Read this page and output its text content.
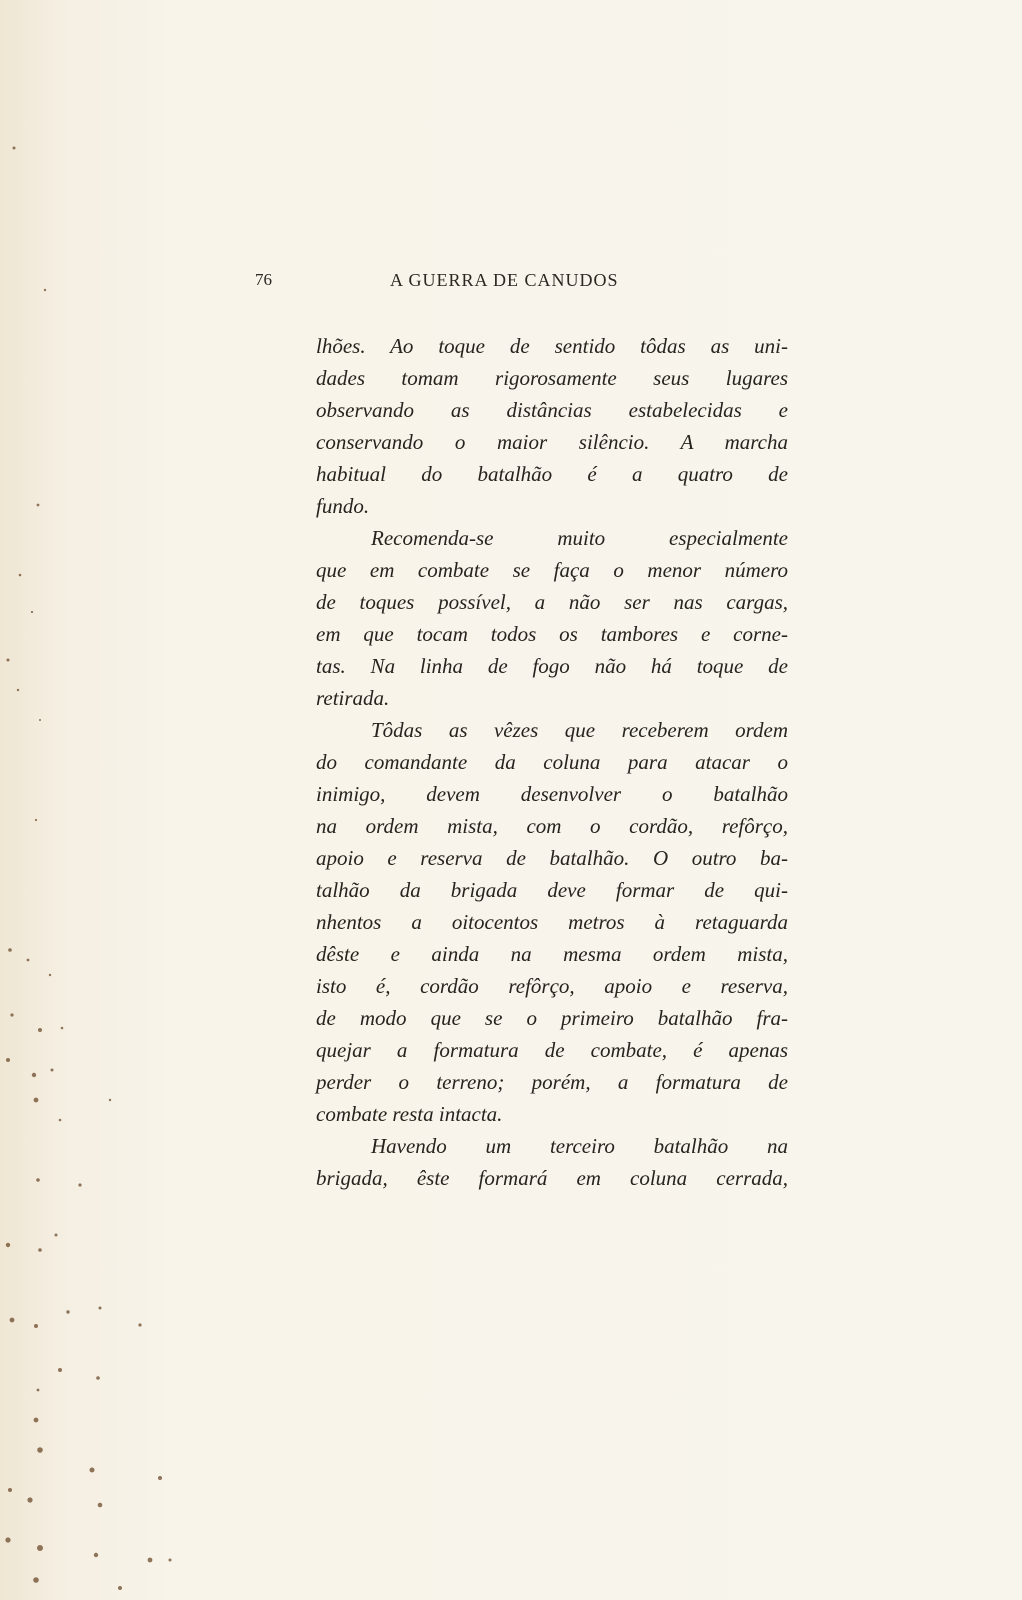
76	A GUERRA DE CANUDOS
lhões. Ao toque de sentido tôdas as uni-
dades tomam rigorosamente seus lugares
observando as distâncias estabelecidas e
conservando o maior silêncio. A marcha
habitual do batalhão é a quatro de
fundo.
Recomenda-se muito especialmente
que em combate se faça o menor número
de toques possível, a não ser nas cargas,
em que tocam todos os tambores e corne-
tas. Na linha de fogo não há toque de
retirada.
Tôdas as vêzes que receberem ordem
do comandante da coluna para atacar o
inimigo, devem desenvolver o batalhão
na ordem mista, com o cordão, refôrço,
apoio e reserva de batalhão. O outro ba-
talhão da brigada deve formar de qui-
nhentos a oitocentos metros à retaguarda
dêste e ainda na mesma ordem mista,
isto é, cordão refôrço, apoio e reserva,
de modo que se o primeiro batalhão fra-
quejar a formatura de combate, é apenas
perder o terreno; porém, a formatura de
combate resta intacta.
Havendo um terceiro batalhão na
brigada, êste formará em coluna cerrada,
